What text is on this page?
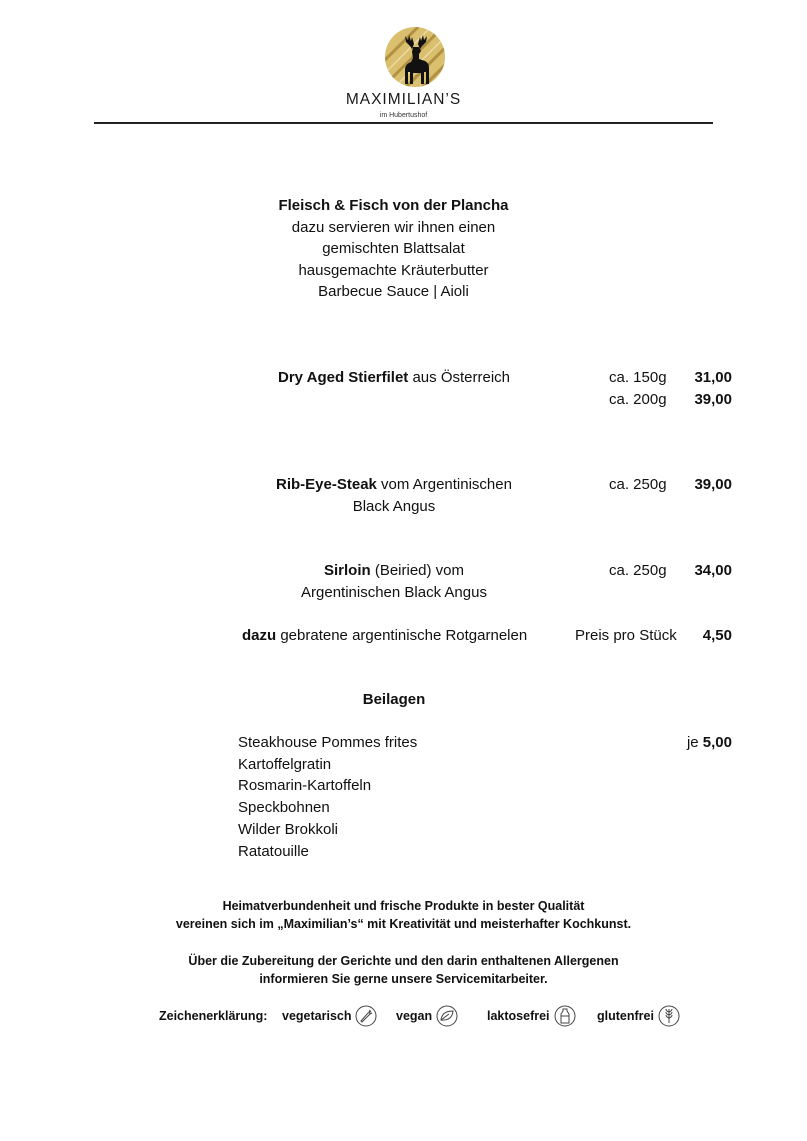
MAXIMILIAN’S
im Hubertushof
Fleisch & Fisch von der Plancha
dazu servieren wir ihnen einen
gemischten Blattsalat
hausgemachte Kräuterbutter
Barbecue Sauce | Aioli
Dry Aged Stierfilet aus Österreich	ca. 150g	31,00
ca. 200g	39,00
Rib-Eye-Steak vom Argentinischen
Black Angus
ca. 250g	39,00
Sirloin (Beiried) vom
Argentinischen Black Angus
ca. 250g	34,00
dazu gebratene argentinische Rotgarnelen	Preis pro Stück	4,50
Beilagen
Steakhouse Pommes frites
Kartoffelgratin
Rosmarin-Kartoffeln
Speckbohnen
Wilder Brokkoli
Ratatouille
je 5,00
Heimatverbundenheit und frische Produkte in bester Qualität
vereinen sich im „Maximilian’s“ mit Kreativität und meisterhafter Kochkunst.
Über die Zubereitung der Gerichte und den darin enthaltenen Allergenen
informieren Sie gerne unsere Servicemitarbeiter.
Zeichenerklärung: vegetarisch	vegan	laktosefrei	glutenfrei
